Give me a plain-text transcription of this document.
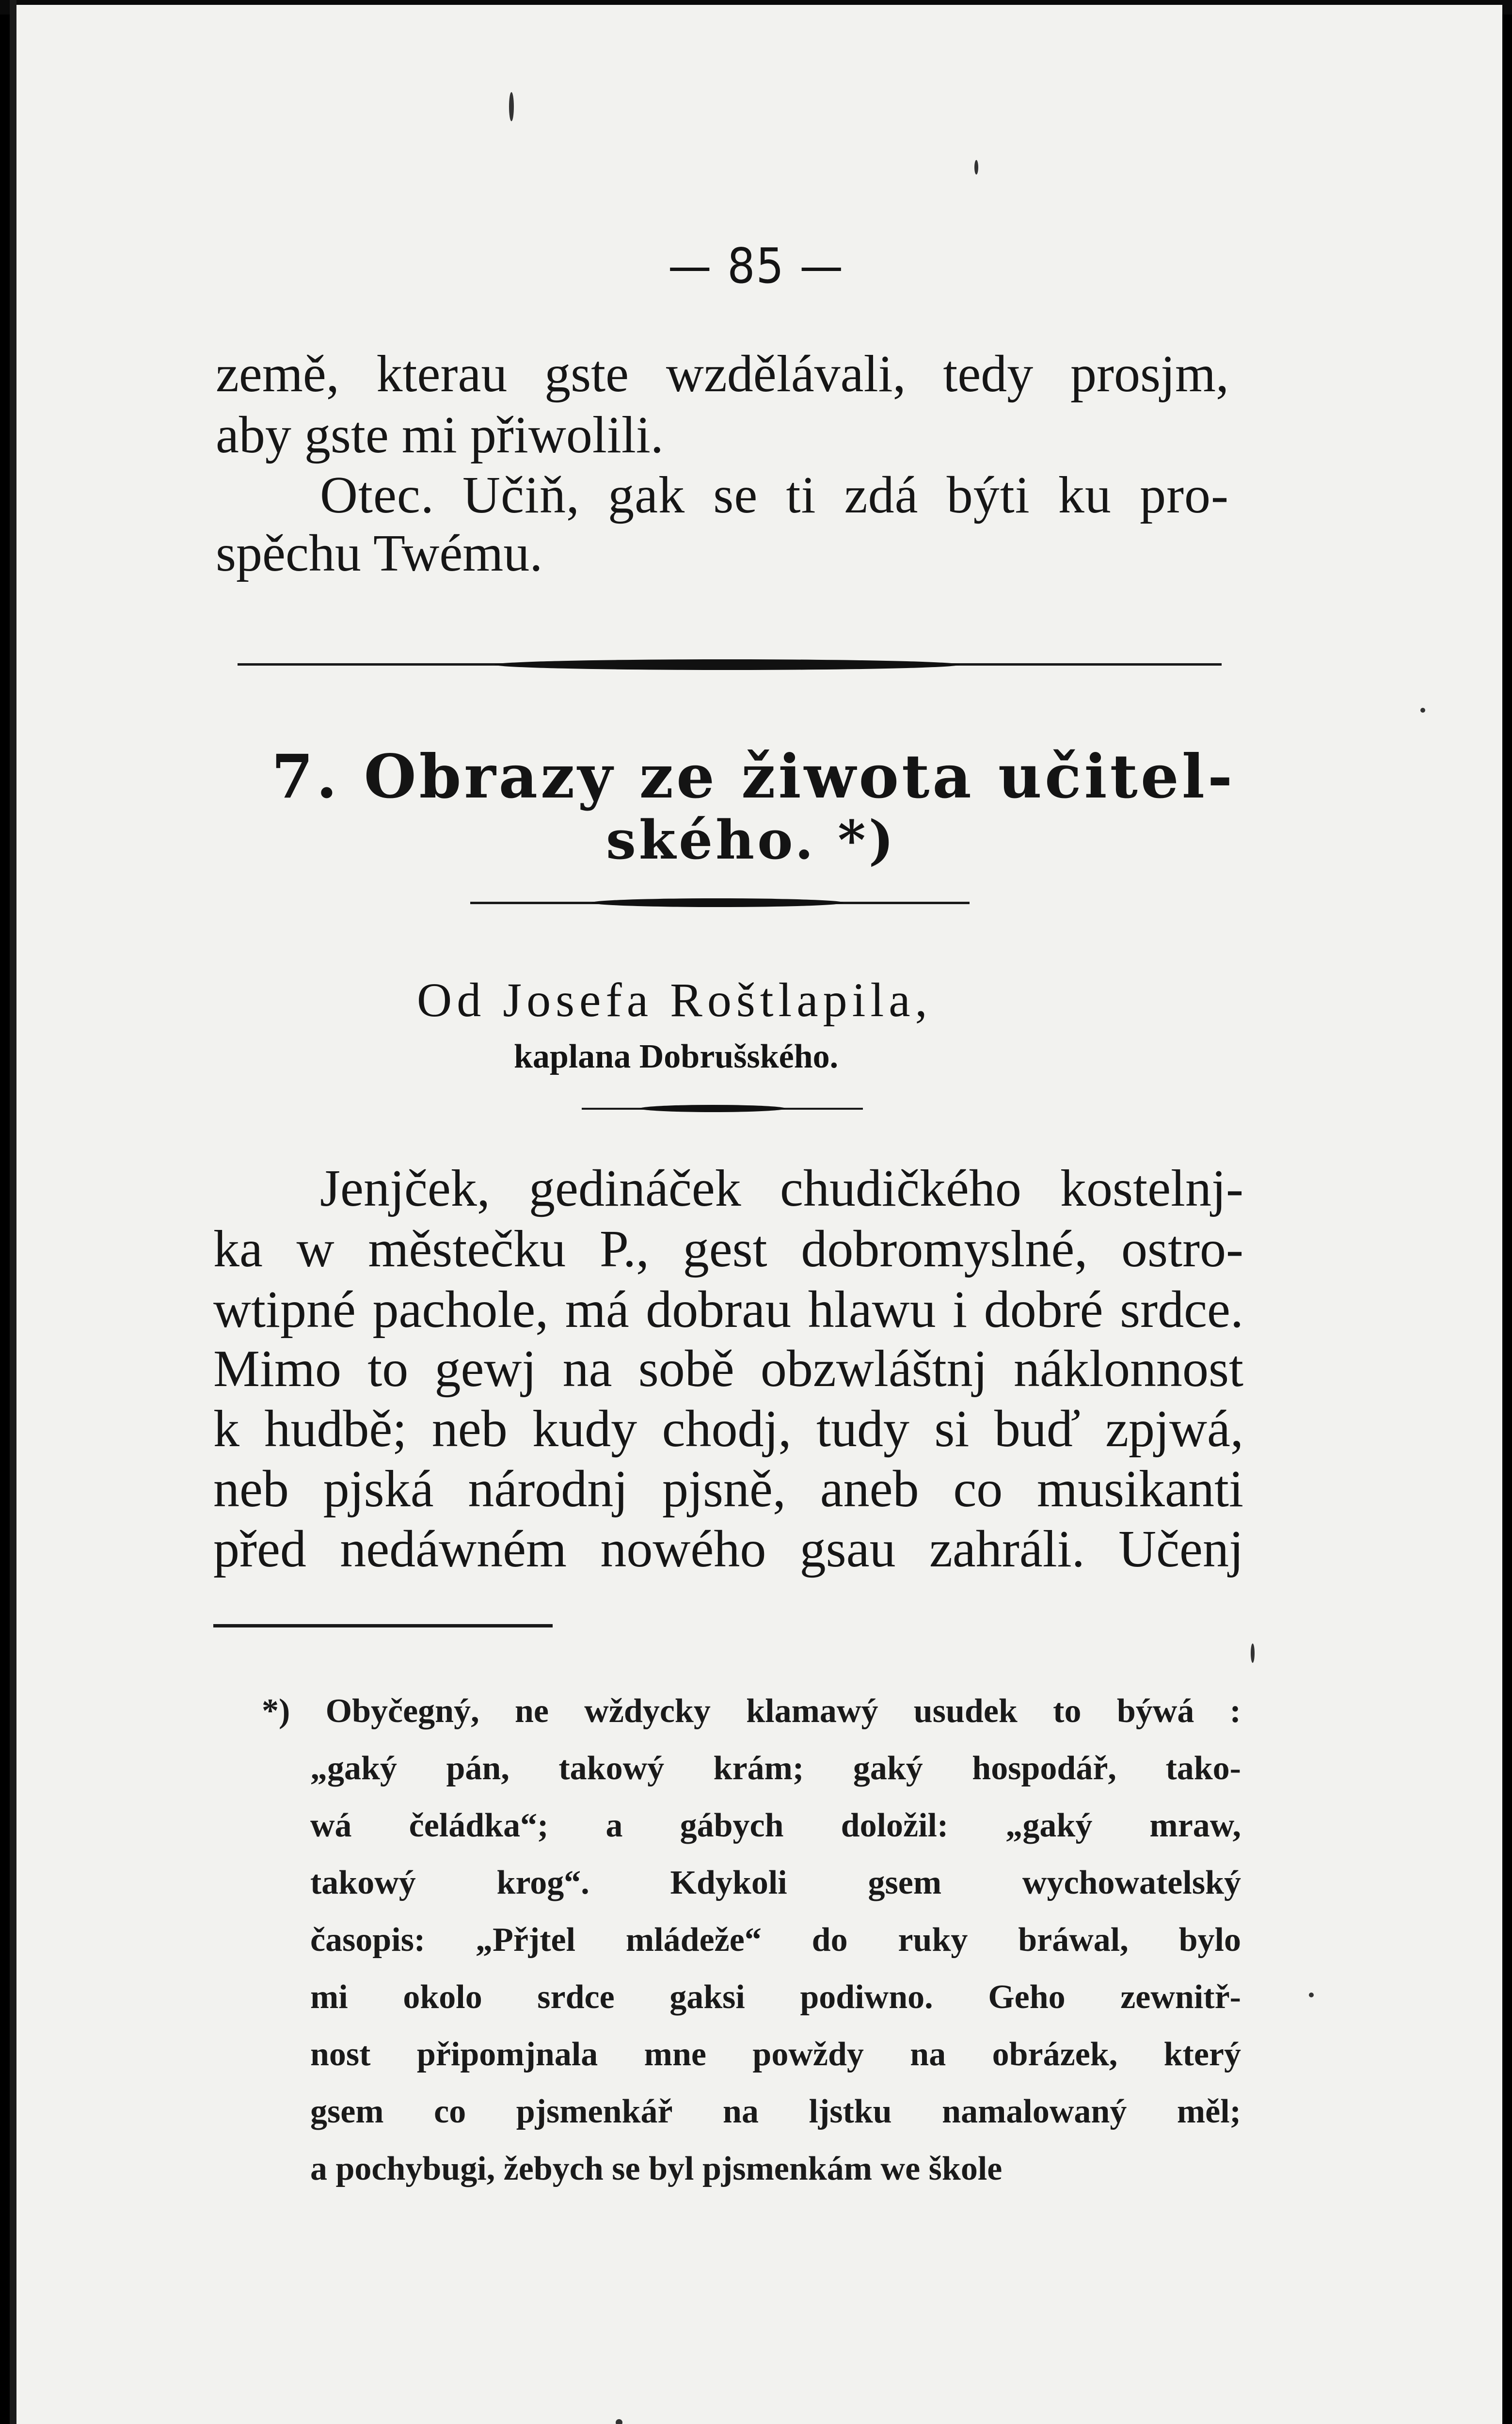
— 85 —
země, kterau gste wzdělávali, tedy prosjm,
aby gste mi přiwolili.
Otec. Učiň, gak se ti zdá býti ku pro-
spěchu Twému.
7. Obrazy ze žiwota učitel-
ského. *)
Od Josefa Roštlapila,
kaplana Dobrušského.
Jenjček, gedináček chudičkého kostelnj-
ka w městečku P., gest dobromyslné, ostro-
wtipné pachole, má dobrau hlawu i dobré srdce.
Mimo to gewj na sobě obzwláštnj náklonnost
k hudbě; neb kudy chodj, tudy si buď zpjwá,
neb pjská národnj pjsně, aneb co musikanti
před nedáwném nowého gsau zahráli. Učenj
*) Obyčegný, ne wždycky klamawý usudek to býwá :
„gaký pán, takowý krám; gaký hospodář, tako-
wá čeládka“; a gábych doložil: „gaký mraw,
takowý krog“. Kdykoli gsem wychowatelský
časopis: „Přjtel mládeže“ do ruky bráwal, bylo
mi okolo srdce gaksi podiwno. Geho zewnitř-
nost připomjnala mne powždy na obrázek, který
gsem co pjsmenkář na ljstku namalowaný měl;
a pochybugi, žebych se byl pjsmenkám we škole
